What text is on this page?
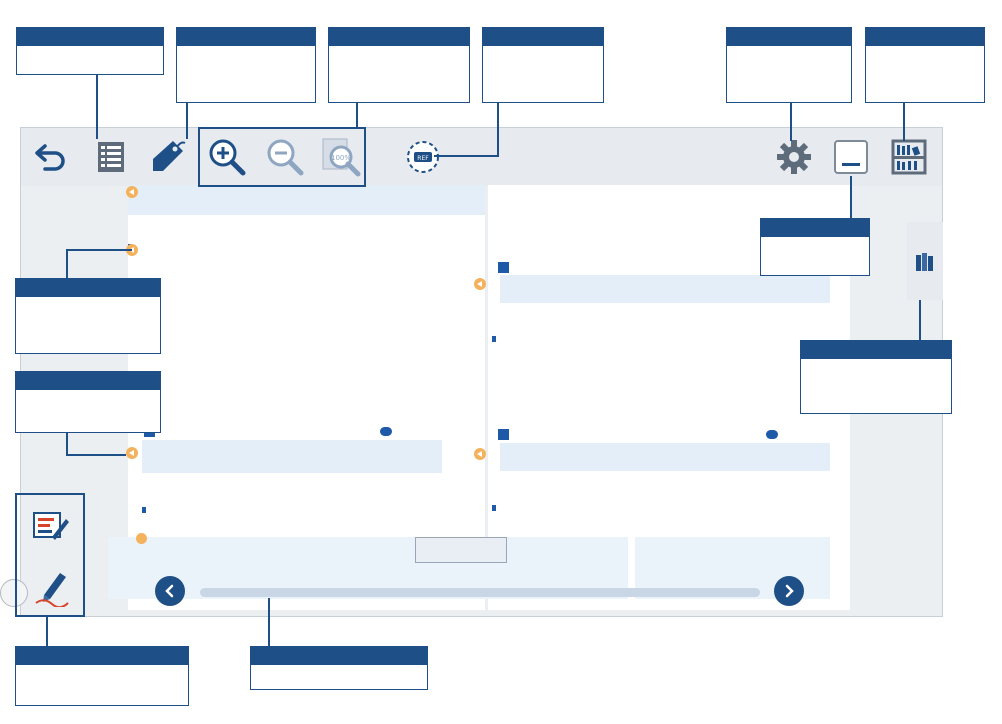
100%	REF
